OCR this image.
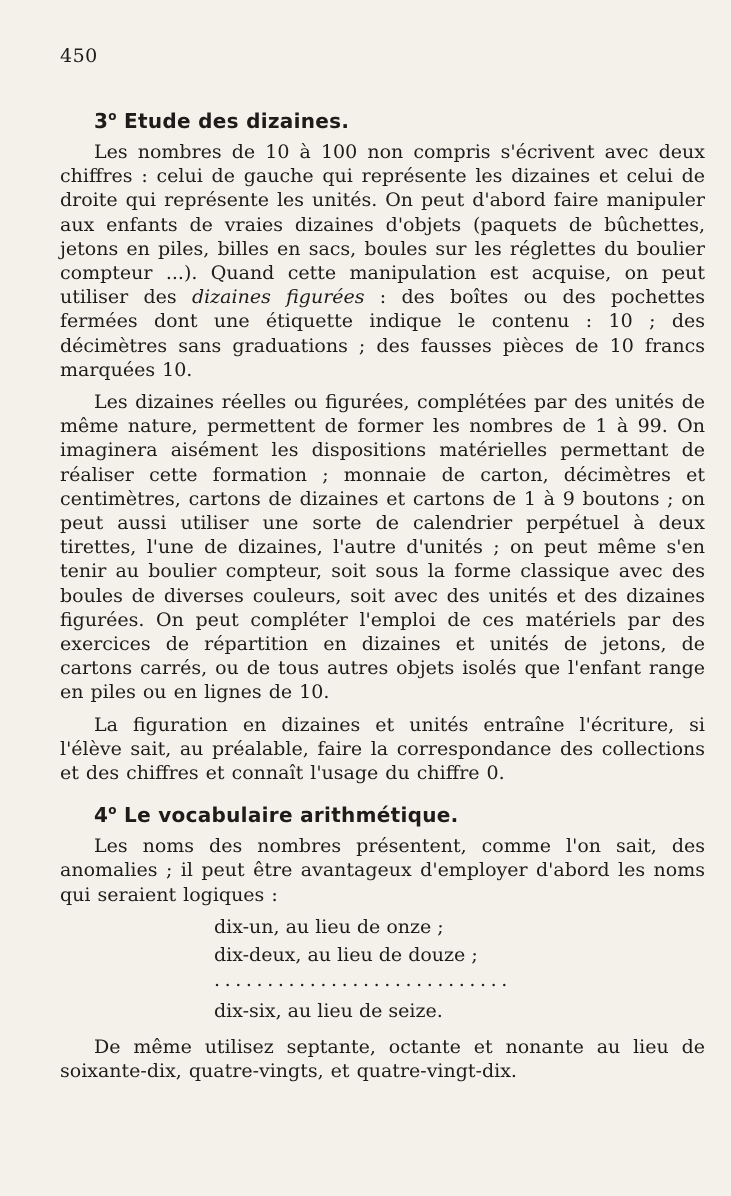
450
3$^o$ Etude des dizaines.

Les nombres de 10 à 100 non compris s'écrivent avec deux chiffres : celui de gauche qui représente les dizaines et celui de droite qui représente les unités. On peut d'abord faire manipuler aux enfants de vraies dizaines d'objets (paquets de bûchettes, jetons en piles, billes en sacs, boules sur les réglettes du boulier compteur ...). Quand cette manipulation est acquise, on peut utiliser des dizaines figurées : des boîtes ou des pochettes fermées dont une étiquette indique le contenu : 10 ; des décimètres sans graduations ; des fausses pièces de 10 francs marquées 10.

Les dizaines réelles ou figurées, complétées par des unités de même nature, permettent de former les nombres de 1 à 99. On imaginera aisément les dispositions matérielles permettant de réaliser cette formation ; monnaie de carton, décimètres et centimètres, cartons de dizaines et cartons de 1 à 9 boutons ; on peut aussi utiliser une sorte de calendrier perpétuel à deux tirettes, l'une de dizaines, l'autre d'unités ; on peut même s'en tenir au boulier compteur, soit sous la forme classique avec des boules de diverses couleurs, soit avec des unités et des dizaines figurées. On peut compléter l'emploi de ces matériels par des exercices de répartition en dizaines et unités de jetons, de cartons carrés, ou de tous autres objets isolés que l'enfant range en piles ou en lignes de 10.

La figuration en dizaines et unités entraîne l'écriture, si l'élève sait, au préalable, faire la correspondance des collections et des chiffres et connaît l'usage du chiffre 0.

4$^o$ Le vocabulaire arithmétique.

Les noms des nombres présentent, comme l'on sait, des anomalies ; il peut être avantageux d'employer d'abord les noms qui seraient logiques :

dix-un, au lieu de onze ;
dix-deux, au lieu de douze ;
............................
dix-six, au lieu de seize.

De même utilisez septante, octante et nonante au lieu de soixante-dix, quatre-vingts, et quatre-vingt-dix.
